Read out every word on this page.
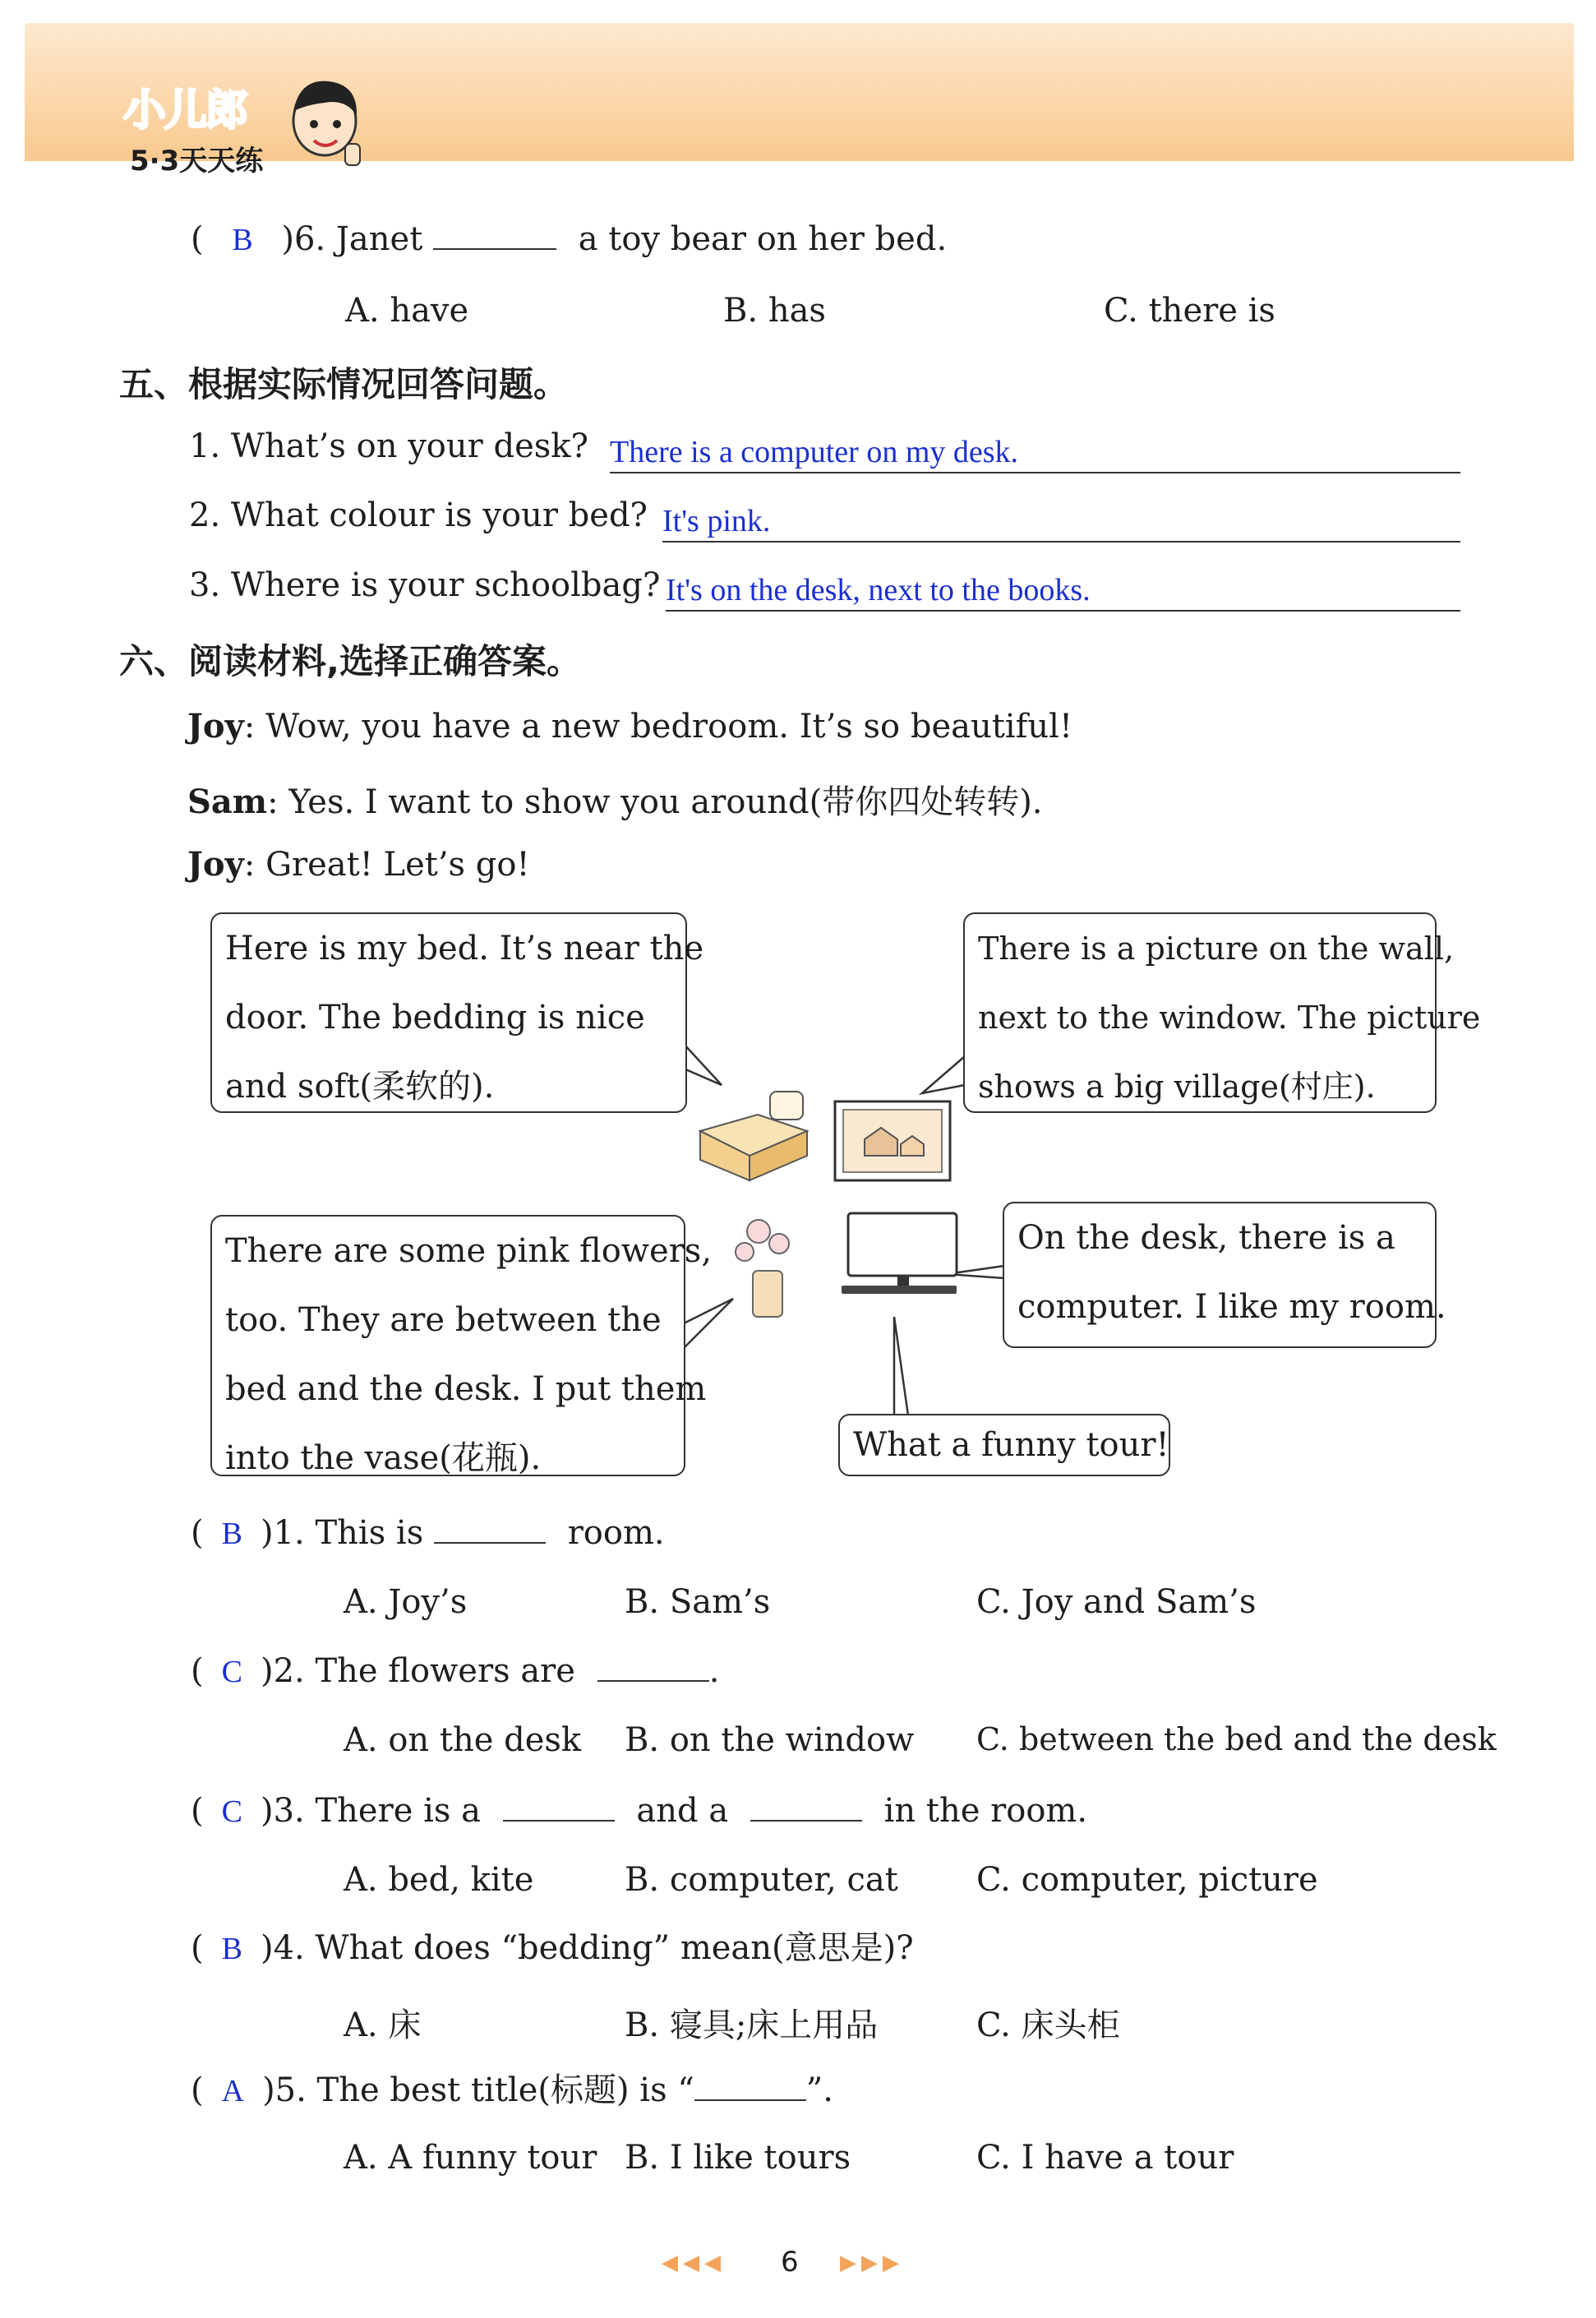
小儿郎
5·3天天练
( B )6. Janet	a toy bear on her bed.
A. have	B. has	C. there is
五、根据实际情况回答问题。
1. What’s on your desk? There is a computer on my desk.
2. What colour is your bed? It's pink.
3. Where is your schoolbag? It's on the desk, next to the books.
六、阅读材料,选择正确答案。
Joy: Wow, you have a new bedroom. It’s so beautiful!
Sam: Yes. I want to show you around(带你四处转转).
Joy: Great! Let’s go!
Here is my bed. It’s near the
door. The bedding is nice
and soft(柔软的).
There is a picture on the wall,
next to the window. The picture
shows a big village(村庄).
There are some pink flowers,
too. They are between the
bed and the desk. I put them
into the vase(花瓶).
On the desk, there is a
computer. I like my room.
What a funny tour!
( B )1. This is	room.
A. Joy’s	B. Sam’s	C. Joy and Sam’s
( C )2. The flowers are	.
A. on the desk B. on the window C. between the bed and the desk
( C )3. There is a	and a	in the room.
A. bed, kite	B. computer, cat C. computer, picture
( B )4. What does “bedding” mean(意思是)?
A. 床	B. 寝具;床上用品	C. 床头柜
( A )5. The best title(标题) is “	”.
A. A funny tour B. I like tours	C. I have a tour
◀◀◀ 6 ▶▶▶
